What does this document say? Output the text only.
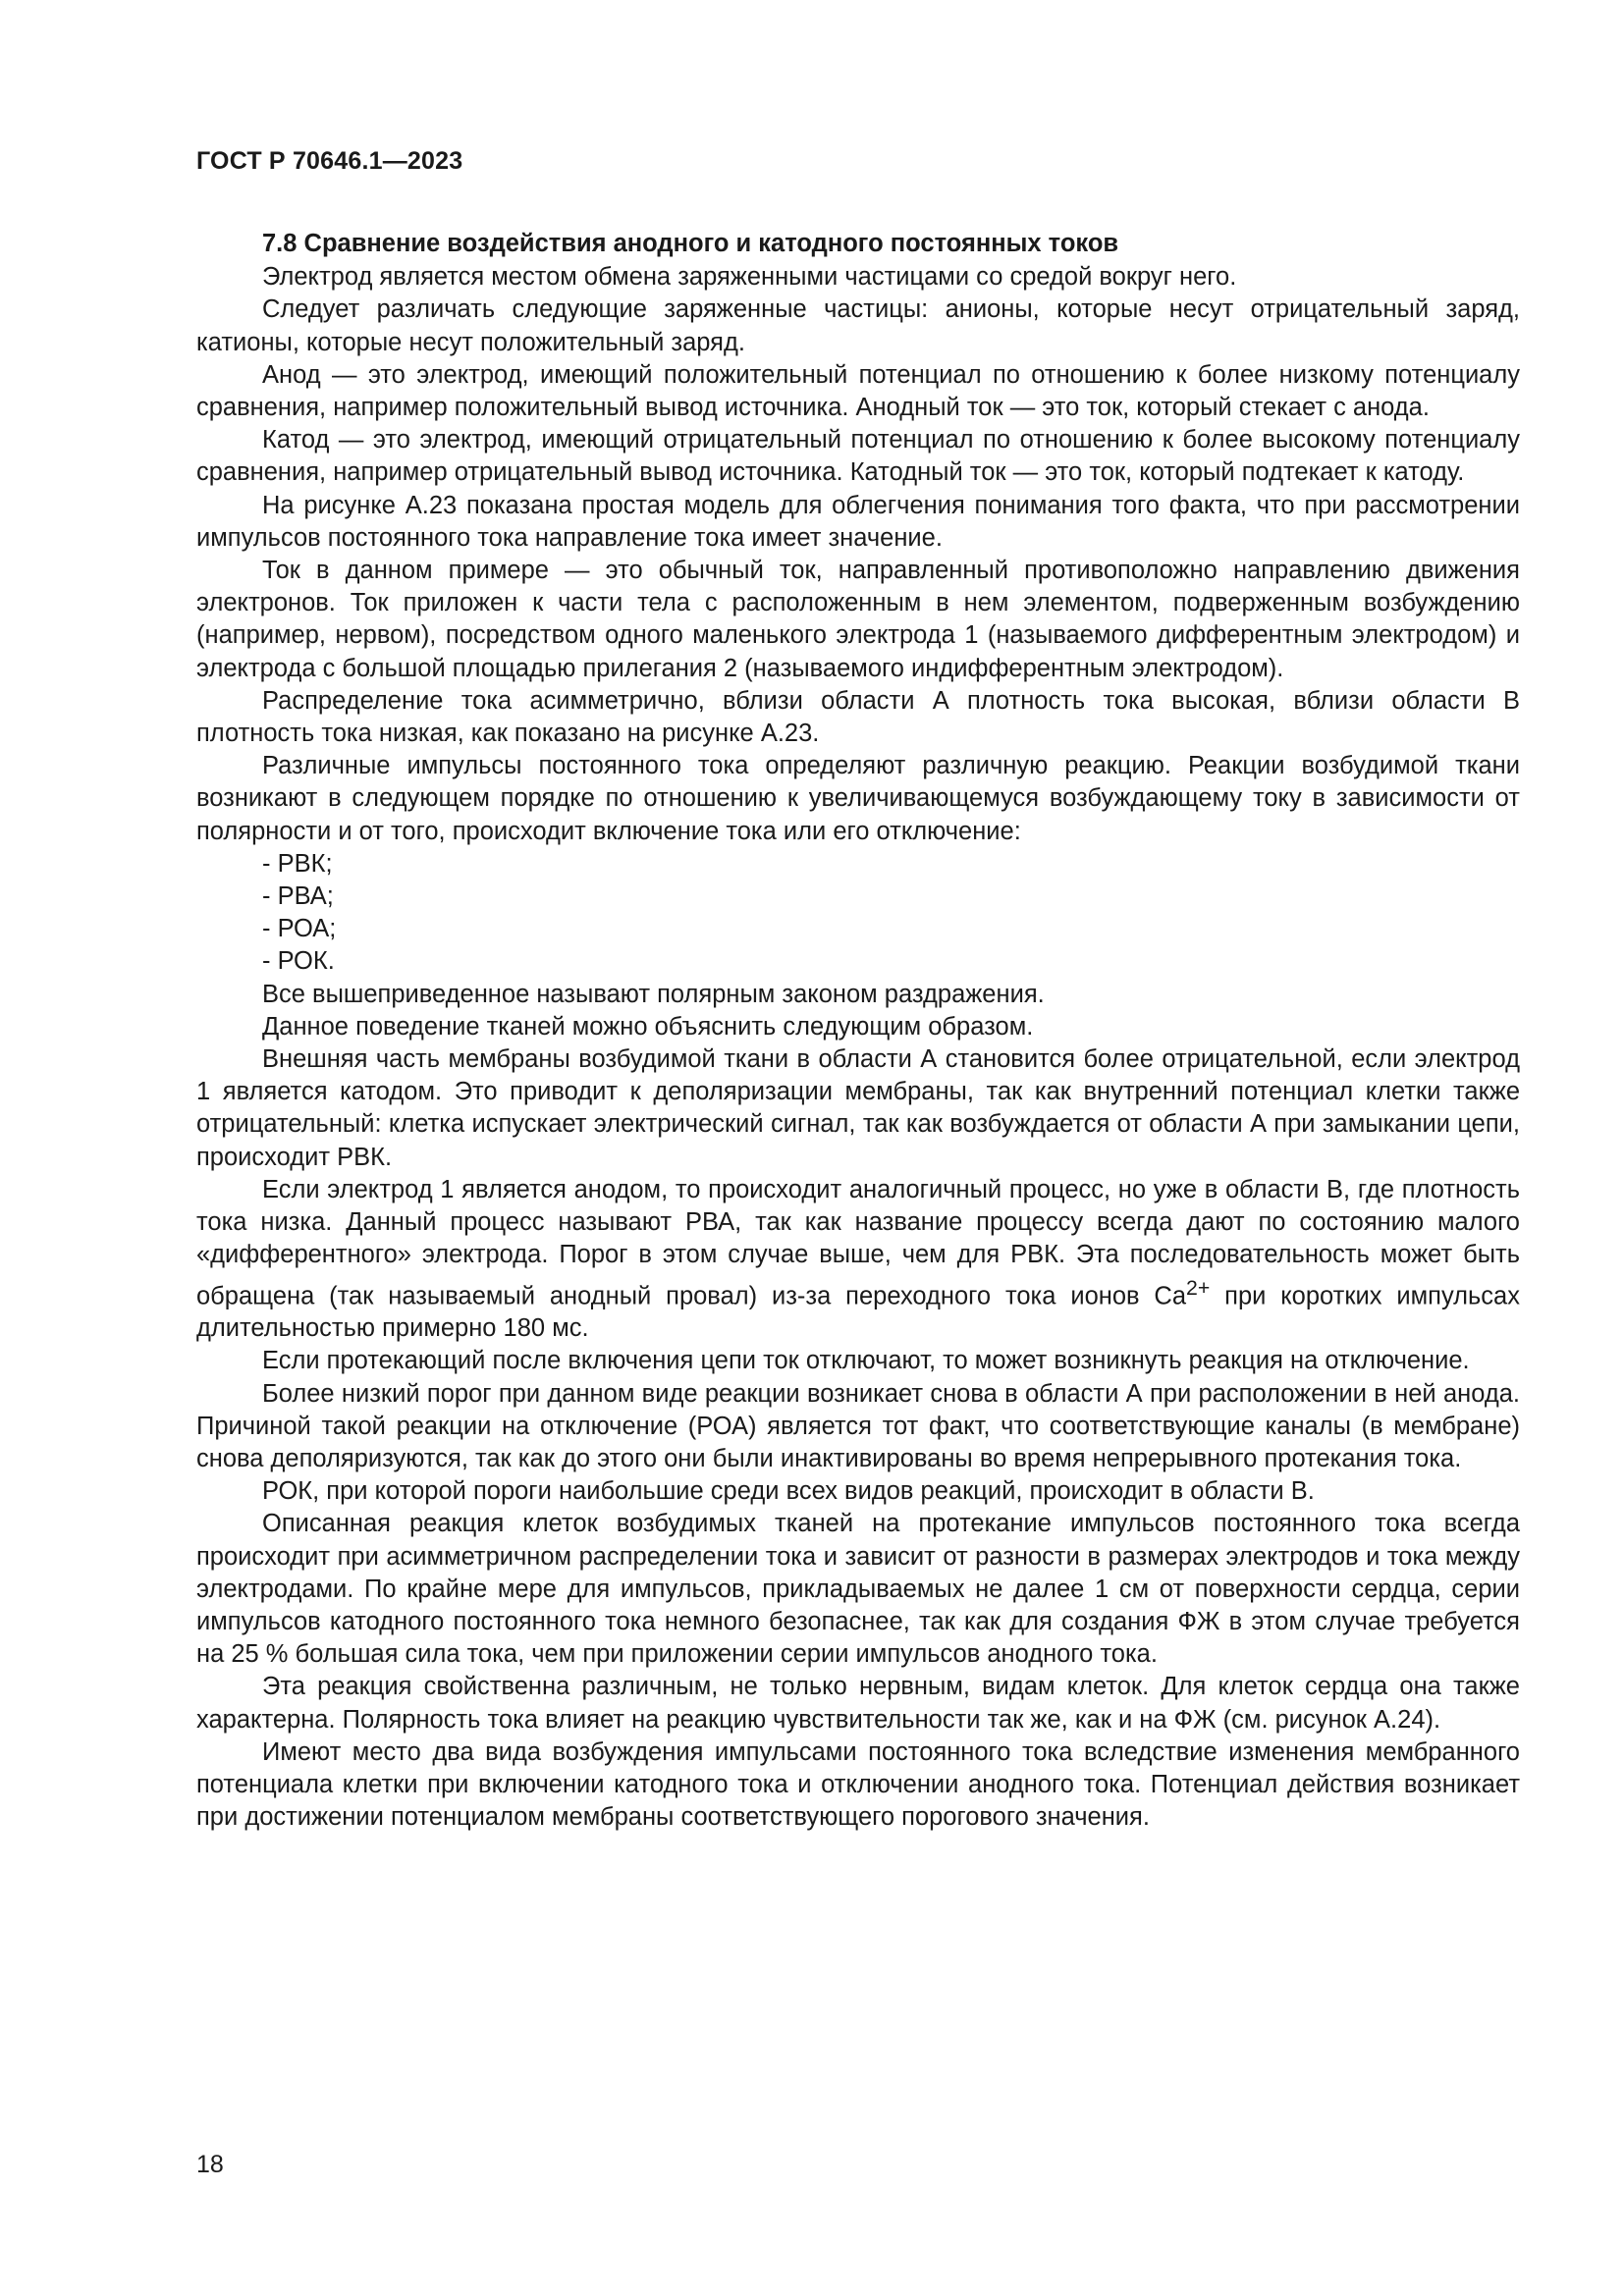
ГОСТ Р 70646.1—2023
7.8 Сравнение воздействия анодного и катодного постоянных токов

Электрод является местом обмена заряженными частицами со средой вокруг него.

Следует различать следующие заряженные частицы: анионы, которые несут отрицательный заряд, катионы, которые несут положительный заряд.

Анод — это электрод, имеющий положительный потенциал по отношению к более низкому потенциалу сравнения, например положительный вывод источника. Анодный ток — это ток, который стекает с анода.

Катод — это электрод, имеющий отрицательный потенциал по отношению к более высокому потенциалу сравнения, например отрицательный вывод источника. Катодный ток — это ток, который подтекает к катоду.

На рисунке А.23 показана простая модель для облегчения понимания того факта, что при рассмотрении импульсов постоянного тока направление тока имеет значение.

Ток в данном примере — это обычный ток, направленный противоположно направлению движения электронов. Ток приложен к части тела с расположенным в нем элементом, подверженным возбуждению (например, нервом), посредством одного маленького электрода 1 (называемого дифферентным электродом) и электрода с большой площадью прилегания 2 (называемого индифферентным электродом).

Распределение тока асимметрично, вблизи области А плотность тока высокая, вблизи области В плотность тока низкая, как показано на рисунке А.23.

Различные импульсы постоянного тока определяют различную реакцию. Реакции возбудимой ткани возникают в следующем порядке по отношению к увеличивающемуся возбуждающему току в зависимости от полярности и от того, происходит включение тока или его отключение:

- РВК;
- РВА;
- РОА;
- РОК.

Все вышеприведенное называют полярным законом раздражения.

Данное поведение тканей можно объяснить следующим образом.

Внешняя часть мембраны возбудимой ткани в области А становится более отрицательной, если электрод 1 является катодом. Это приводит к деполяризации мембраны, так как внутренний потенциал клетки также отрицательный: клетка испускает электрический сигнал, так как возбуждается от области А при замыкании цепи, происходит РВК.

Если электрод 1 является анодом, то происходит аналогичный процесс, но уже в области В, где плотность тока низка. Данный процесс называют РВА, так как название процессу всегда дают по состоянию малого «дифферентного» электрода. Порог в этом случае выше, чем для РВК. Эта последовательность может быть обращена (так называемый анодный провал) из-за переходного тока ионов $Ca^{2+}$ при коротких импульсах длительностью примерно 180 мс.

Если протекающий после включения цепи ток отключают, то может возникнуть реакция на отключение.

Более низкий порог при данном виде реакции возникает снова в области А при расположении в ней анода. Причиной такой реакции на отключение (РОА) является тот факт, что соответствующие каналы (в мембране) снова деполяризуются, так как до этого они были инактивированы во время непрерывного протекания тока.

РОК, при которой пороги наибольшие среди всех видов реакций, происходит в области В.

Описанная реакция клеток возбудимых тканей на протекание импульсов постоянного тока всегда происходит при асимметричном распределении тока и зависит от разности в размерах электродов и тока между электродами. По крайне мере для импульсов, прикладываемых не далее 1 см от поверхности сердца, серии импульсов катодного постоянного тока немного безопаснее, так как для создания ФЖ в этом случае требуется на 25 % большая сила тока, чем при приложении серии импульсов анодного тока.

Эта реакция свойственна различным, не только нервным, видам клеток. Для клеток сердца она также характерна. Полярность тока влияет на реакцию чувствительности так же, как и на ФЖ (см. рисунок А.24).

Имеют место два вида возбуждения импульсами постоянного тока вследствие изменения мембранного потенциала клетки при включении катодного тока и отключении анодного тока. Потенциал действия возникает при достижении потенциалом мембраны соответствующего порогового значения.

18
